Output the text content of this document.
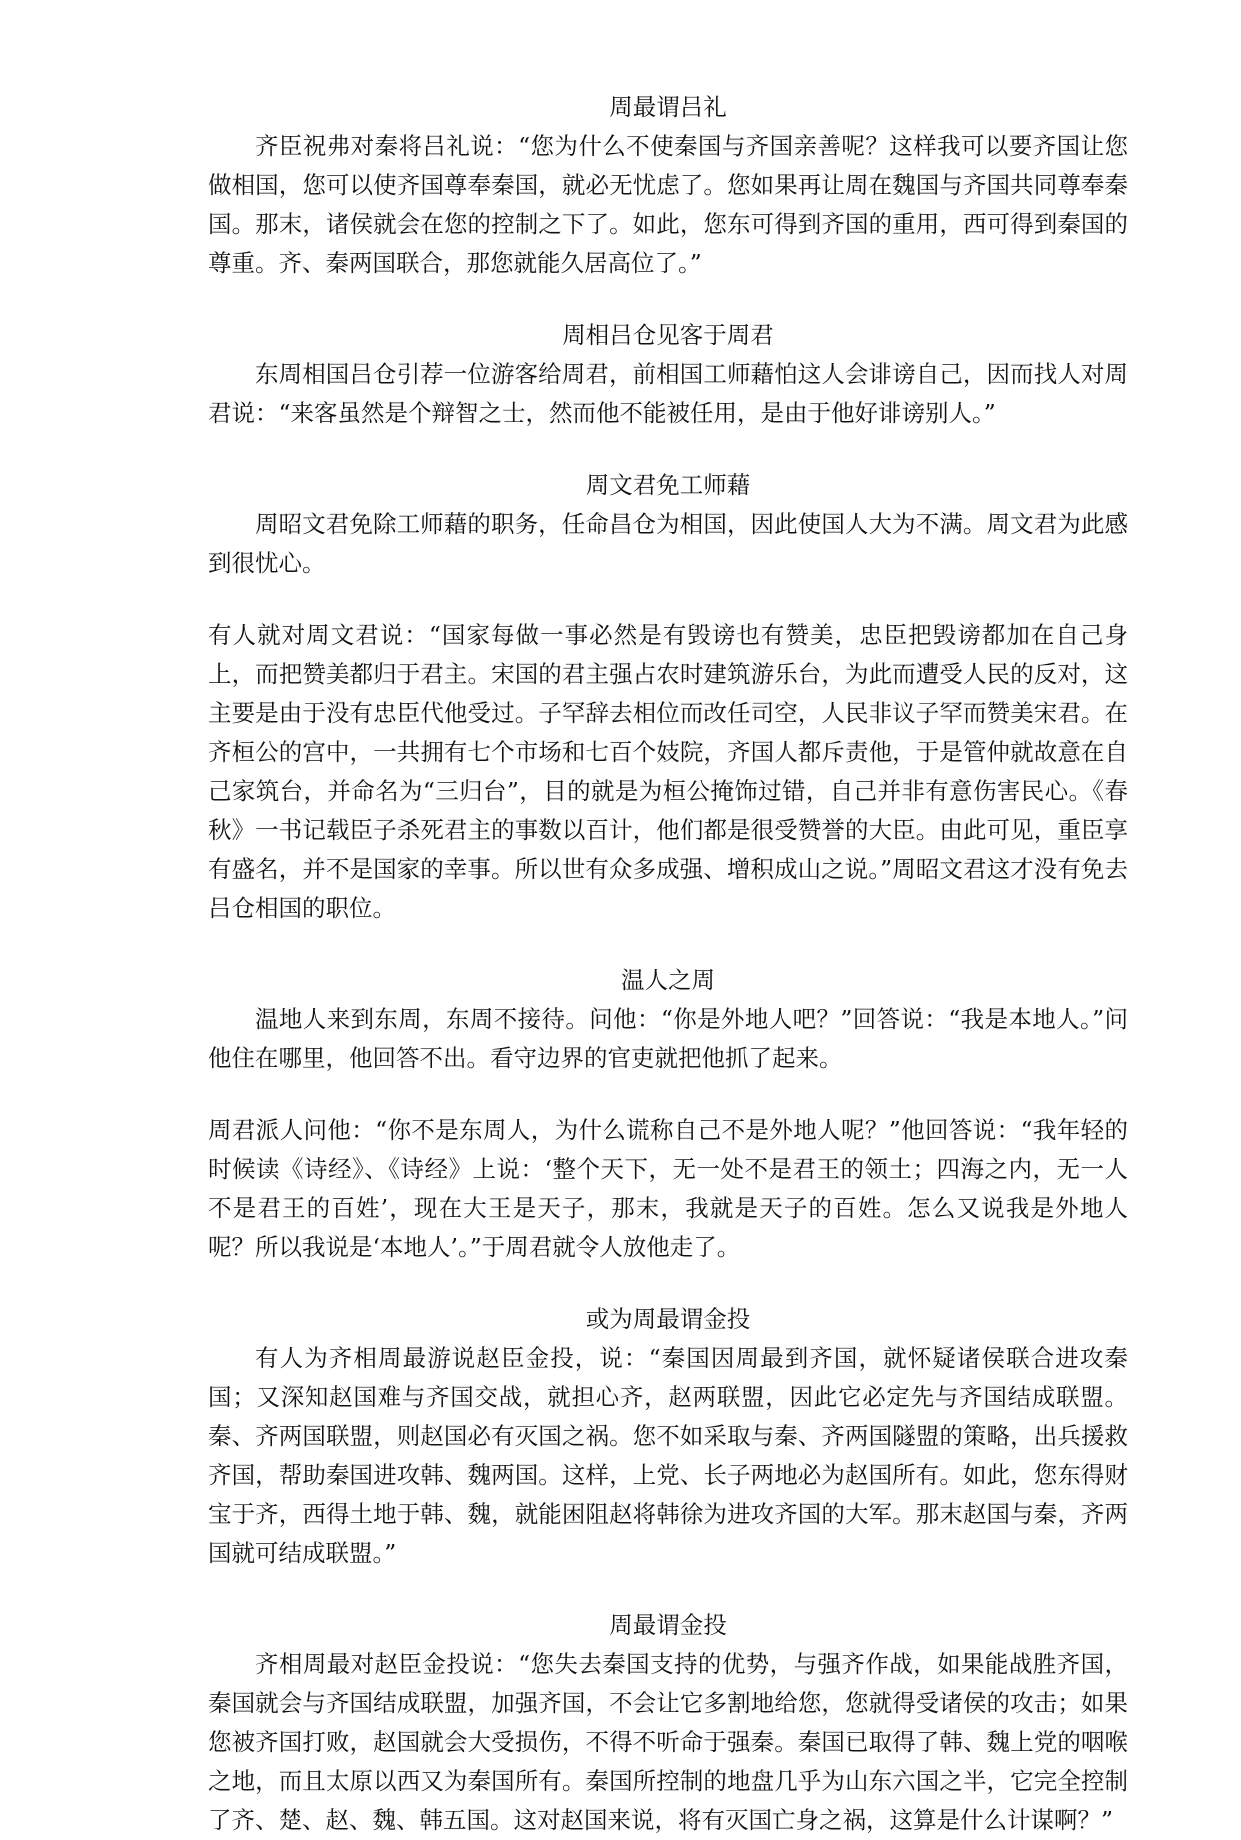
周最谓吕礼

齐臣祝弗对秦将吕礼说：“您为什么不使秦国与齐国亲善呢？这样我可以要齐国让您做相国，您可以使齐国尊奉秦国，就必无忧虑了。您如果再让周在魏国与齐国共同尊奉秦国。那末，诸侯就会在您的控制之下了。如此，您东可得到齐国的重用，西可得到秦国的尊重。齐、秦两国联合，那您就能久居高位了。”

周相吕仓见客于周君

东周相国吕仓引荐一位游客给周君，前相国工师藉怕这人会诽谤自己，因而找人对周君说：“来客虽然是个辩智之士，然而他不能被任用，是由于他好诽谤别人。”

周文君免工师藉

周昭文君免除工师藉的职务，任命昌仓为相国，因此使国人大为不满。周文君为此感到很忧心。

有人就对周文君说：“国家每做一事必然是有毁谤也有赞美，忠臣把毁谤都加在自己身上，而把赞美都归于君主。宋国的君主强占农时建筑游乐台，为此而遭受人民的反对，这主要是由于没有忠臣代他受过。子罕辞去相位而改任司空，人民非议子罕而赞美宋君。在齐桓公的宫中，一共拥有七个市场和七百个妓院，齐国人都斥责他，于是管仲就故意在自己家筑台，并命名为“三归台”，目的就是为桓公掩饰过错，自己并非有意伤害民心。《春秋》一书记载臣子杀死君主的事数以百计，他们都是很受赞誉的大臣。由此可见，重臣享有盛名，并不是国家的幸事。所以世有众多成强、增积成山之说。”周昭文君这才没有免去吕仓相国的职位。

温人之周

温地人来到东周，东周不接待。问他：“你是外地人吧？”回答说：“我是本地人。”问他住在哪里，他回答不出。看守边界的官吏就把他抓了起来。

周君派人问他：“你不是东周人，为什么谎称自己不是外地人呢？”他回答说：“我年轻的时候读《诗经》、《诗经》上说：‘整个天下，无一处不是君王的领土；四海之内，无一人不是君王的百姓’，现在大王是天子，那末，我就是天子的百姓。怎么又说我是外地人呢？所以我说是‘本地人’。”于周君就令人放他走了。

或为周最谓金投

有人为齐相周最游说赵臣金投，说：“秦国因周最到齐国，就怀疑诸侯联合进攻秦国；又深知赵国难与齐国交战，就担心齐，赵两联盟，因此它必定先与齐国结成联盟。秦、齐两国联盟，则赵国必有灭国之祸。您不如采取与秦、齐两国隧盟的策略，出兵援救齐国，帮助秦国进攻韩、魏两国。这样，上党、长子两地必为赵国所有。如此，您东得财宝于齐，西得土地于韩、魏，就能困阻赵将韩徐为进攻齐国的大军。那末赵国与秦，齐两国就可结成联盟。”

周最谓金投

齐相周最对赵臣金投说：“您失去秦国支持的优势，与强齐作战，如果能战胜齐国，秦国就会与齐国结成联盟，加强齐国，不会让它多割地给您，您就得受诸侯的攻击；如果您被齐国打败，赵国就会大受损伤，不得不听命于强秦。秦国已取得了韩、魏上党的咽喉之地，而且太原以西又为秦国所有。秦国所控制的地盘几乎为山东六国之半，它完全控制了齐、楚、赵、魏、韩五国。这对赵国来说，将有灭国亡身之祸，这算是什么计谋啊？”
